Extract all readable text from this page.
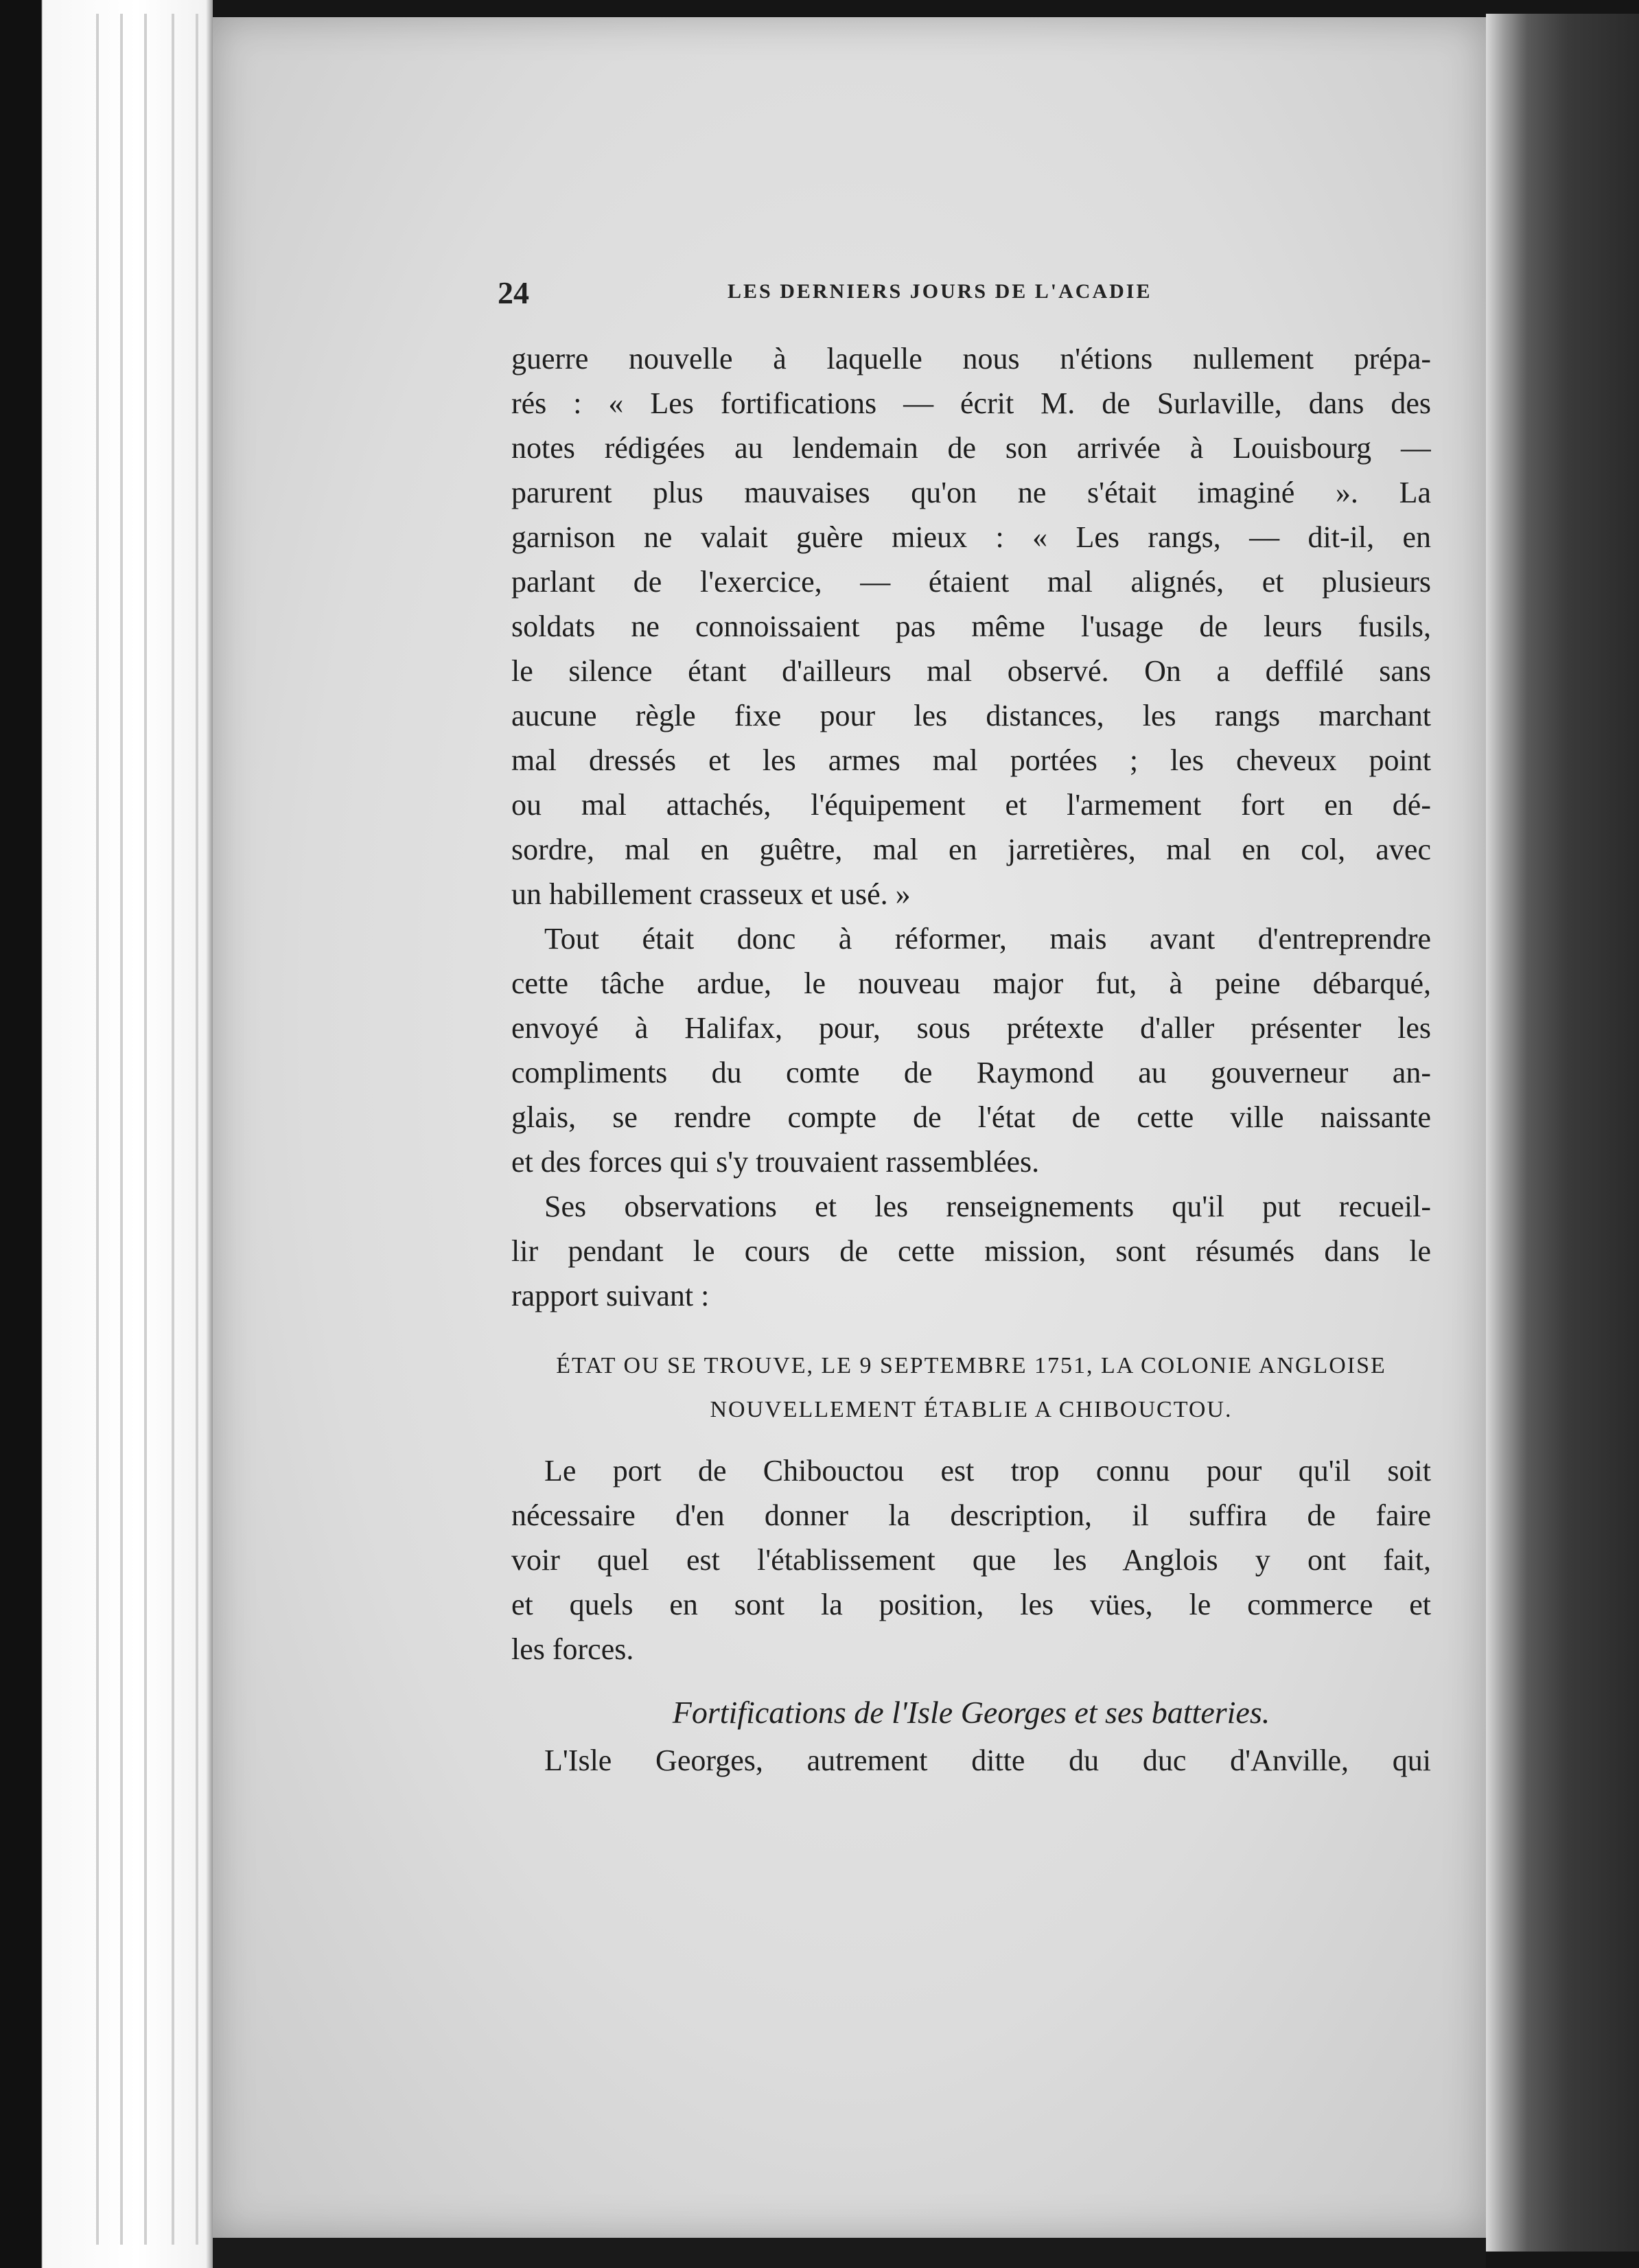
24	LES DERNIERS JOURS DE L'ACADIE
guerre nouvelle à laquelle nous n'étions nullement prépa-
rés : « Les fortifications — écrit M. de Surlaville, dans des
notes rédigées au lendemain de son arrivée à Louisbourg —
parurent plus mauvaises qu'on ne s'était imaginé ». La
garnison ne valait guère mieux : « Les rangs, — dit-il, en
parlant de l'exercice, — étaient mal alignés, et plusieurs
soldats ne connoissaient pas même l'usage de leurs fusils,
le silence étant d'ailleurs mal observé. On a deffilé sans
aucune règle fixe pour les distances, les rangs marchant
mal dressés et les armes mal portées ; les cheveux point
ou mal attachés, l'équipement et l'armement fort en dé-
sordre, mal en guêtre, mal en jarretières, mal en col, avec
un habillement crasseux et usé. »
Tout était donc à réformer, mais avant d'entreprendre
cette tâche ardue, le nouveau major fut, à peine débarqué,
envoyé à Halifax, pour, sous prétexte d'aller présenter les
compliments du comte de Raymond au gouverneur an-
glais, se rendre compte de l'état de cette ville naissante
et des forces qui s'y trouvaient rassemblées.
Ses observations et les renseignements qu'il put recueil-
lir pendant le cours de cette mission, sont résumés dans le
rapport suivant :
ÉTAT OU SE TROUVE, LE 9 SEPTEMBRE 1751, LA COLONIE ANGLOISE
NOUVELLEMENT ÉTABLIE A CHIBOUCTOU.
Le port de Chibouctou est trop connu pour qu'il soit
nécessaire d'en donner la description, il suffira de faire
voir quel est l'établissement que les Anglois y ont fait,
et quels en sont la position, les vües, le commerce et
les forces.
Fortifications de l'Isle Georges et ses batteries.
L'Isle Georges, autrement ditte du duc d'Anville, qui
